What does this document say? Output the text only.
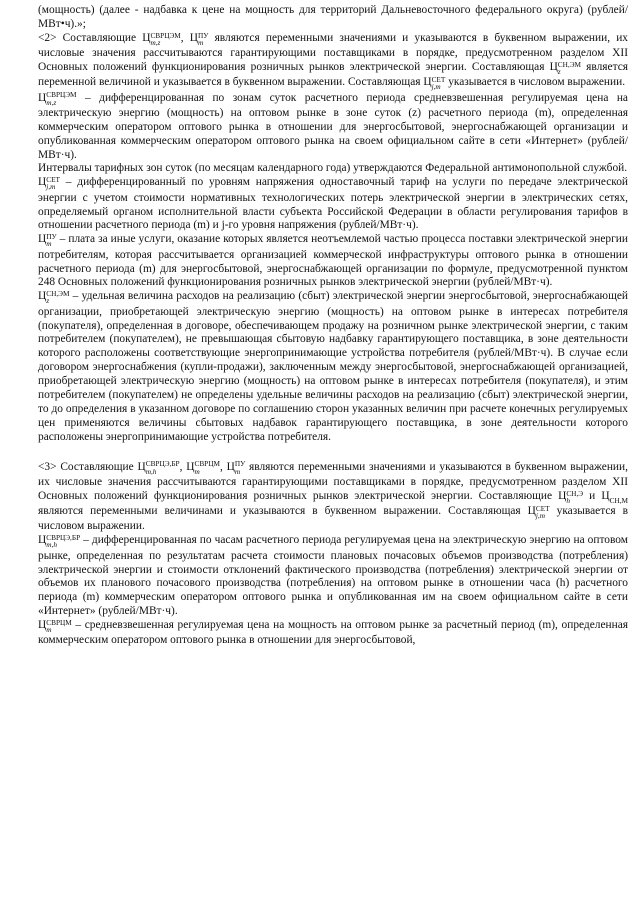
(мощность) (далее - надбавка к цене на мощность для территорий Дальневосточного федерального округа) (рублей/МВт•ч).»;
<2> Составляющие Ц СВРЦЭМ
m,z	, Ц ПУ
m являются переменными значениями и указываются в буквенном выражении, их числовые значения рассчитываются гарантирующими поставщиками в порядке, предусмотренном разделом XII Основных положений функционирования розничных рынков электрической энергии. Составляющая Ц СН,ЭМ
z	является переменной величиной и указывается в буквенном выражении. Составляющая Ц СЕТ
j,m указывается в числовом выражении.
Ц СВРЦЭМ
m,z	– дифференцированная по зонам суток расчетного периода средневзвешенная регулируемая цена на электрическую энергию (мощность) на оптовом рынке в зоне суток (z) расчетного периода (m), определенная коммерческим оператором оптового рынка в отношении для энергосбытовой, энергоснабжающей организации и опубликованная коммерческим оператором оптового рынка на своем официальном сайте в сети «Интернет» (рублей/МВт·ч).
Интервалы тарифных зон суток (по месяцам календарного года) утверждаются Федеральной антимонопольной службой.
Ц СЕТ
j,m – дифференцированный по уровням напряжения одноставочный тариф на услуги по передаче электрической энергии с учетом стоимости нормативных технологических потерь электрической энергии в электрических сетях, определяемый органом исполнительной власти субъекта Российской Федерации в области регулирования тарифов в отношении расчетного периода (m) и j-го уровня напряжения (рублей/МВт·ч).
Ц ПУ
m – плата за иные услуги, оказание которых является неотъемлемой частью процесса поставки электрической энергии потребителям, которая рассчитывается организацией коммерческой инфраструктуры оптового рынка в отношении расчетного периода (m) для энергосбытовой, энергоснабжающей организации по формуле, предусмотренной пунктом 248 Основных положений функционирования розничных рынков электрической энергии (рублей/МВт·ч).
Ц СН,ЭМ
z	– удельная величина расходов на реализацию (сбыт) электрической энергии энергосбытовой, энергоснабжающей организации, приобретающей электрическую энергию (мощность) на оптовом рынке в интересах потребителя (покупателя), определенная в договоре, обеспечивающем продажу на розничном рынке электрической энергии, с таким потребителем (покупателем), не превышающая сбытовую надбавку гарантирующего поставщика, в зоне деятельности которого расположены соответствующие энергопринимающие устройства потребителя (рублей/МВт·ч). В случае если договором энергоснабжения (купли-продажи), заключенным между энергосбытовой, энергоснабжающей организацией, приобретающей электрическую энергию (мощность) на оптовом рынке в интересах потребителя (покупателя), и этим потребителем (покупателем) не определены удельные величины расходов на реализацию (сбыт) электрической энергии, то до определения в указанном договоре по соглашению сторон указанных величин при расчете конечных регулируемых цен применяются величины сбытовых надбавок гарантирующего поставщика, в зоне деятельности которого расположены энергопринимающие устройства потребителя.
<3> Составляющие Ц СВРЦЭ,БР
m,h	, Ц СВРЦМ
m	, Ц ПУ
m являются переменными значениями и указываются в буквенном выражении, их числовые значения рассчитываются гарантирующими поставщиками в порядке, предусмотренном разделом XII Основных положений функционирования розничных рынков электрической энергии. Составляющие Ц СН,Э
h	и Ц СН,М
являются переменными величинами и указываются в буквенном выражении. Составляющая Ц СЕТ
j,m указывается в числовом выражении.
Ц СВРЦЭ,БР
m,h	– дифференцированная по часам расчетного периода регулируемая цена на электрическую энергию на оптовом рынке, определенная по результатам расчета стоимости плановых почасовых объемов производства (потребления) электрической энергии и стоимости отклонений фактического производства (потребления) электрической энергии от объемов их планового почасового производства (потребления) на оптовом рынке в отношении часа (h) расчетного периода (m) коммерческим оператором оптового рынка и опубликованная им на своем официальном сайте в сети «Интернет» (рублей/МВт·ч).
Ц СВРЦМ
m	– средневзвешенная регулируемая цена на мощность на оптовом рынке за расчетный период (m), определенная коммерческим оператором оптового рынка в отношении для энергосбытовой,
